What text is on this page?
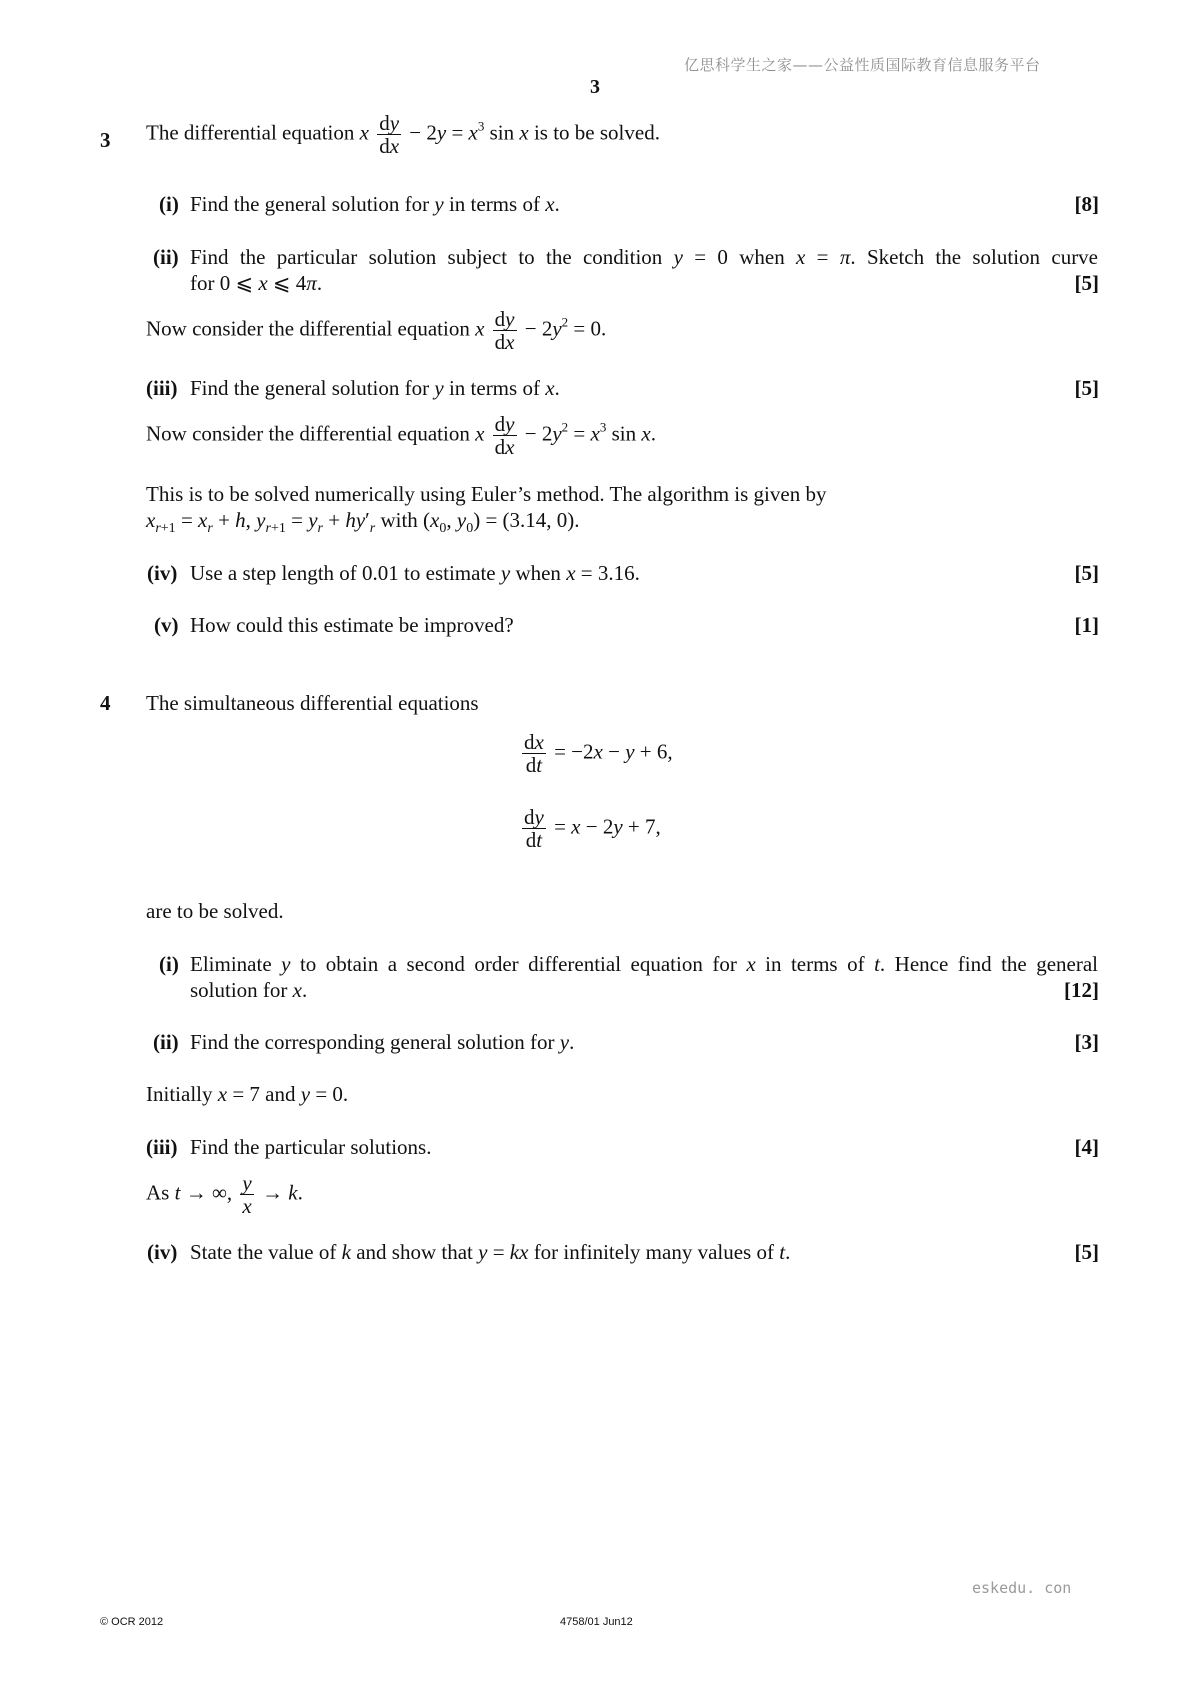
亿思科学生之家——公益性质国际教育信息服务平台
3
3 The differential equation x $\frac{dy}{dx} - 2y = x^3$ sin x is to be solved.
(i) Find the general solution for y in terms of x.	[8]
(ii) Find the particular solution subject to the condition y = 0 when x = π. Sketch the solution curve
for 0 ⩽ x ⩽ 4π.	[5]
Now consider the differential equation x $\frac{dy}{dx} - 2y^2 = 0$.
(iii) Find the general solution for y in terms of x.	[5]
Now consider the differential equation x $\frac{dy}{dx} - 2y^2 = x^3$ sin x.
This is to be solved numerically using Euler’s method. The algorithm is given by
$x_{r+1} = x_r + h$, $y_{r+1} = y_r + hy'_r$ with ($x_0$, $y_0) = (3.14$, 0).
(iv) Use a step length of 0.01 to estimate y when x = 3.16.	[5]
(v) How could this estimate be improved?	[1]
4 The simultaneous differential equations
$\frac{dx}{dt} = -2x - y + 6$,
$\frac{dy}{dt} = x - 2y + 7$,
are to be solved.
(i) Eliminate y to obtain a second order differential equation for x in terms of t. Hence find the general
solution for x.	[12]
(ii) Find the corresponding general solution for y.	[3]
Initially x = 7 and y = 0.
(iii) Find the particular solutions.	[4]
As t → ∞, $\frac{y}{x} \to k$.
(iv) State the value of k and show that y = kx for infinitely many values of t.	[5]
eskedu. con
© OCR 2012	4758/01 Jun12
